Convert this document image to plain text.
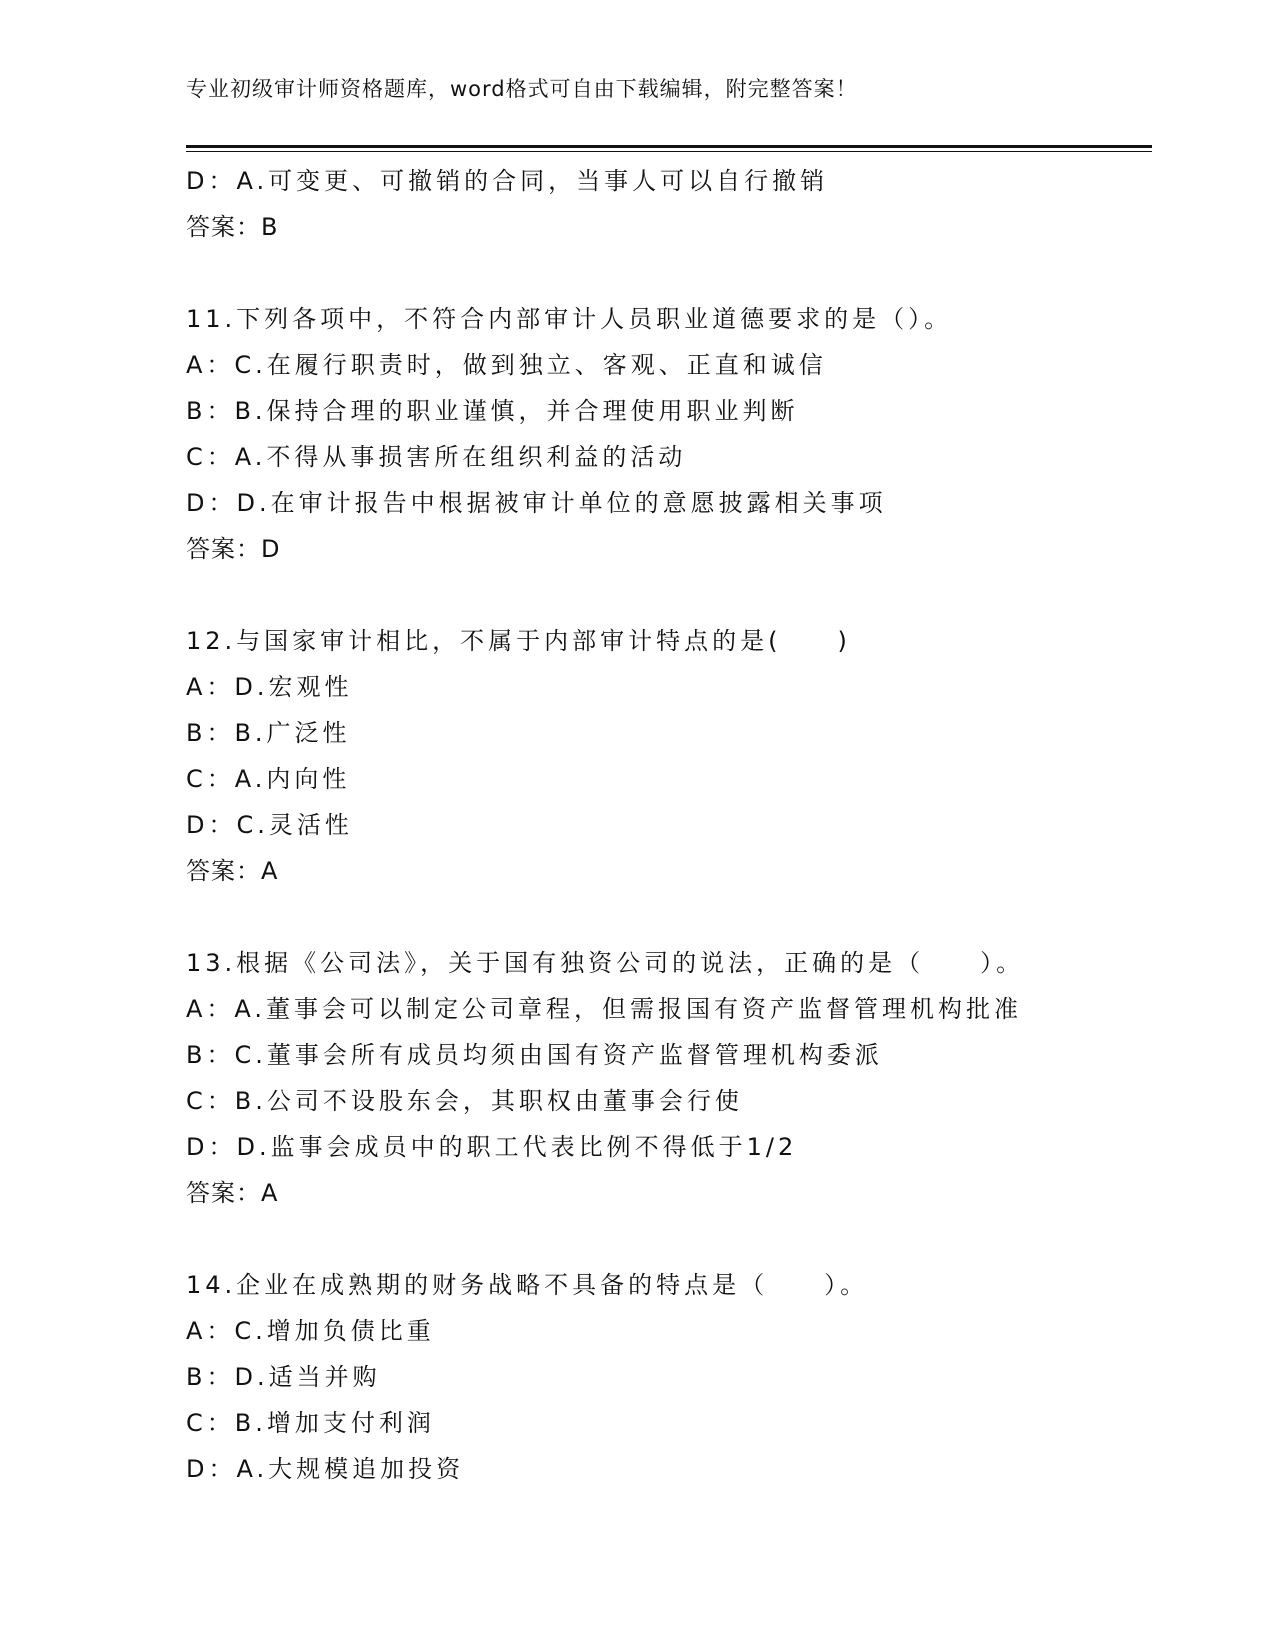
专业初级审计师资格题库，word格式可自由下载编辑，附完整答案！
D：A.可变更、可撤销的合同，当事人可以自行撤销
答案：B
11.下列各项中，不符合内部审计人员职业道德要求的是（）。
A：C.在履行职责时，做到独立、客观、正直和诚信
B：B.保持合理的职业谨慎，并合理使用职业判断
C：A.不得从事损害所在组织利益的活动
D：D.在审计报告中根据被审计单位的意愿披露相关事项
答案：D
12.与国家审计相比，不属于内部审计特点的是(　　)
A：D.宏观性
B：B.广泛性
C：A.内向性
D：C.灵活性
答案：A
13.根据《公司法》，关于国有独资公司的说法，正确的是（　　）。
A：A.董事会可以制定公司章程，但需报国有资产监督管理机构批准
B：C.董事会所有成员均须由国有资产监督管理机构委派
C：B.公司不设股东会，其职权由董事会行使
D：D.监事会成员中的职工代表比例不得低于1/2
答案：A
14.企业在成熟期的财务战略不具备的特点是（　　）。
A：C.增加负债比重
B：D.适当并购
C：B.增加支付利润
D：A.大规模追加投资
